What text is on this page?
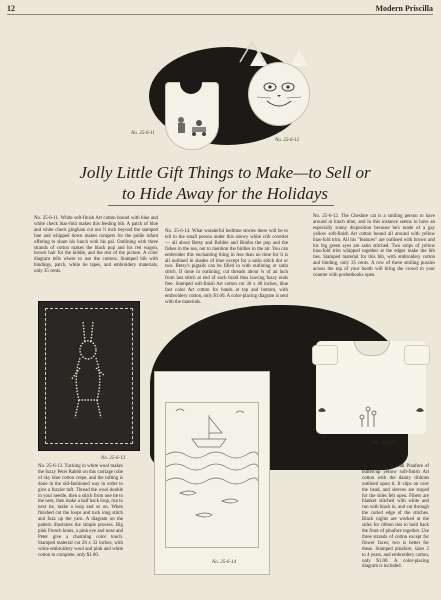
12	Modern Priscilla
No. 25-6-11
No. 25-6-12
Jolly Little Gift Things to Make—to Sell or
to Hide Away for the Holidays
No. 25-6-11. White soft-finish Art cotton bound with blue and white check bias-fold makes this feeding bib. A patch of blue and white check gingham cut out ½ inch beyond the stamped line and whipped down makes rompers for the pollie infant offering to share his lunch with his pal. Outlining with three strands of cotton makes the black pup and his red wagon, brown hair for the kiddie, and the rest of the picture. A color diagram tells where to use the cottons. Stamped bib with bindings, patch, white tie tapes, and embroidery materials, only 35 cents.
No. 25-6-14. What wonderful bedtime stories there will be to tell to the small person under this snowy white crib coverlet — all about Betsy and Bobbie and Bimbo the pup and the fishes in the sea, not to mention the birdies in the air. You can embroider this enchanting thing in less than no time for it is all outlined in shades of blue except for a satin stitch dot or two. Betsy's pigtails can be filled in with outlining or satin stitch. If done in outlining, cut threads about ¼ of an inch from last stitch at end of each braid thus leaving fuzzy ends free. Stamped soft-finish Art cotton cut 36 x 48 inches, blue fast color Art cotton for bands at top and bottom, with embroidery cotton, only $1.00. A color-placing diagram is sent with the materials.
No. 25-6-12. The Cheshire cat is a smiling person to have around at lunch time, and in this instance seems to have an especially sunny disposition because he's made of a gay yellow soft-finish Art cotton bound all around with yellow bias-fold trim. All his "features" are outlined with brown and his big green eyes are satin stitched. Two strips of yellow bias-fold trim whipped together at the edges make the bib ties. Stamped material for this bib, with embroidery cotton and binding, only 35 cents. A row of these smiling pussies across the top of your booth will bring the crowd to your counter with pocketbooks open.
No. 25-6-13
No. 25-6-13. Tucking in white wool makes the fuzzy Peter Rabbit on this carriage robe of sky blue cotton crepe, and the tufting is done in the old-fashioned way in order to give a fuzzier tuft. Thread the wool double in your needle, then a stitch from one tie to the next, then make a half back loop, run to next tie, make a loop and so on. When finished cut the loops and tuck long stitch and fuzz up the yarn. A diagram on the pattern illustrates the simple process. Big pink French knots, a pink eye and nose and Peter give a charming color touch. Stamped material cut 28 x 33 inches, with white embroidery wool and pink and white cotton to complete, only $1.00.
No. 25-6-14
No. 25-6-15
No. 25-6-15. Overall Pinafore of buttercup yellow soft-finish Art cotton with the dainty ribbons outlined upon it. It slips on over the head, and sleeves are stayed for the sides felt open. Fibers are blanket stitched with white and run with black in, and cut through the curled edge of the stitches. Black nights are worked at the sides for ribbon ties to hold back the front of pinafore together. Use three strands of cotton except for flower faces; two is better for these. Stamped pinafore, sizes 2 to 4 years, and embroidery cotton, only $1.00. A color-placing diagram is included.
